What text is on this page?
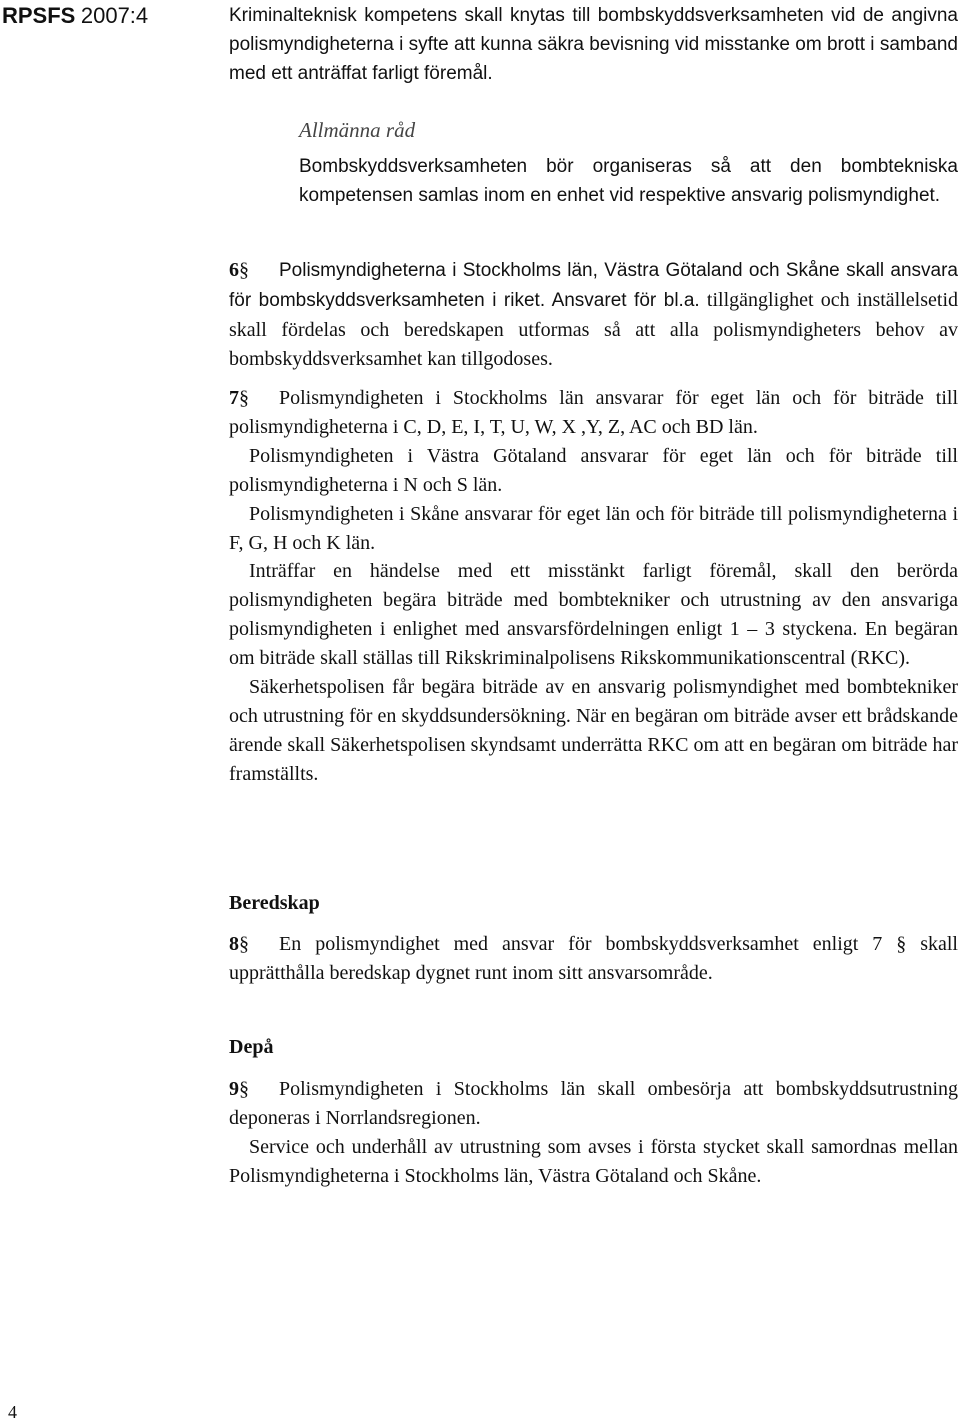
RPSFS 2007:4	Kriminalteknisk kompetens skall knytas till bombskyddsverksamheten vid de angivna polismyndigheterna i syfte att kunna säkra bevisning vid misstanke om brott i samband med ett anträffat farligt föremål.

Allmänna råd

Bombskyddsverksamheten bör organiseras så att den bombtekniska kompetensen samlas inom en enhet vid respektive ansvarig polismyndighet.

6§ Polismyndigheterna i Stockholms län, Västra Götaland och Skåne skall ansvara för bombskyddsverksamheten i riket. Ansvaret för bl.a. tillgänglighet och inställelsetid skall fördelas och beredskapen utformas så att alla polismyndigheters behov av bombskyddsverksamhet kan tillgodoses.

7§ Polismyndigheten i Stockholms län ansvarar för eget län och för biträde till polismyndigheterna i C, D, E, I, T, U, W, X ,Y, Z, AC och BD län.

Polismyndigheten i Västra Götaland ansvarar för eget län och för biträde till polismyndigheterna i N och S län.

Polismyndigheten i Skåne ansvarar för eget län och för biträde till polismyndigheterna i F, G, H och K län.

Inträffar en händelse med ett misstänkt farligt föremål, skall den berörda polismyndigheten begära biträde med bombtekniker och utrustning av den ansvariga polismyndigheten i enlighet med ansvarsfördelningen enligt 1 – 3 styckena. En begäran om biträde skall ställas till Rikskriminalpolisens Rikskommunikationscentral (RKC).

Säkerhetspolisen får begära biträde av en ansvarig polismyndighet med bombtekniker och utrustning för en skyddsundersökning. När en begäran om biträde avser ett brådskande ärende skall Säkerhetspolisen skyndsamt underrätta RKC om att en begäran om biträde har framställts.

Beredskap

8§ En polismyndighet med ansvar för bombskyddsverksamhet enligt 7 § skall upprätthålla beredskap dygnet runt inom sitt ansvarsområde.

Depå

9§ Polismyndigheten i Stockholms län skall ombesörja att bombskyddsutrustning deponeras i Norrlandsregionen.

Service och underhåll av utrustning som avses i första stycket skall samordnas mellan Polismyndigheterna i Stockholms län, Västra Götaland och Skåne.

4
